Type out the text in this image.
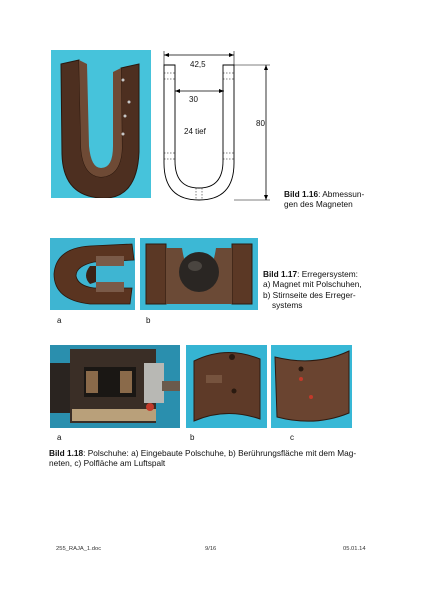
42,5
30
24 tief
80
Bild 1.16: Abmessun-
gen des Magneten
a	b
Bild 1.17: Erregersystem:
a) Magnet mit Polschuhen,
b) Stirnseite des Erreger-
systems
a	b	c
Bild 1.18: Polschuhe: a) Eingebaute Polschuhe, b) Berührungsfläche mit dem Mag-
neten, c) Polfläche am Luftspalt
255_RAJA_1.doc	9/16	05.01.14
